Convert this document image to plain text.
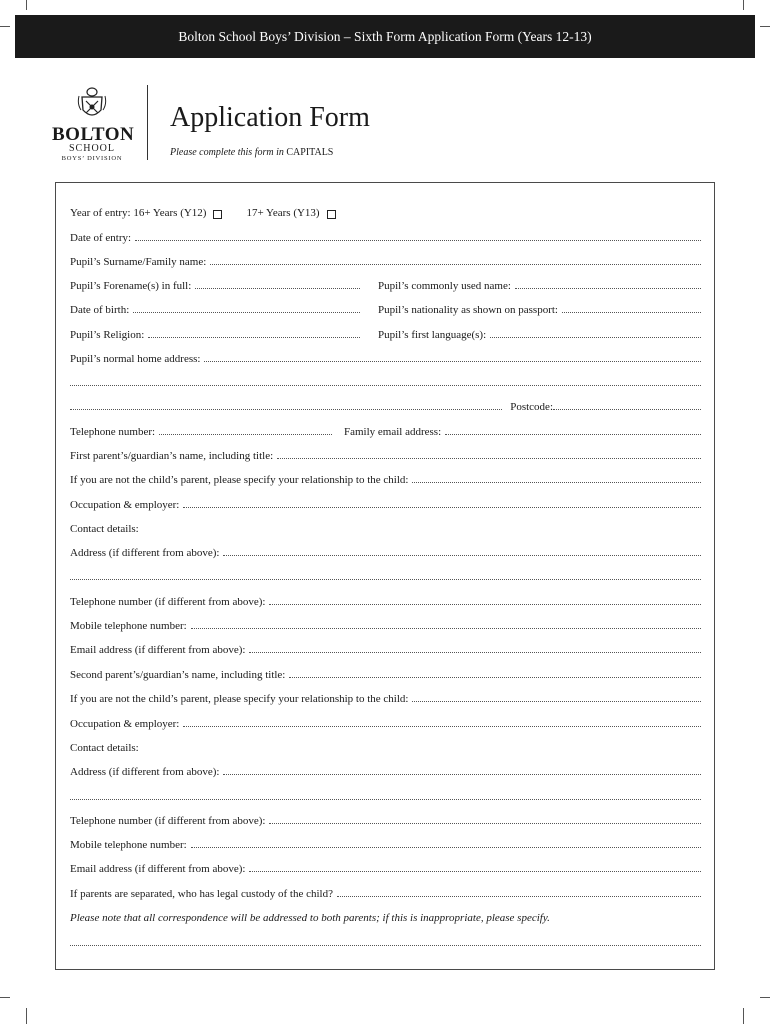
Bolton School Boys’ Division – Sixth Form Application Form (Years 12-13)
BOLTON
SCHOOL
BOYS’ DIVISION
Application Form
Please complete this form in CAPITALS
Year of entry: 16+ Years (Y12)	17+ Years (Y13)
Date of entry:
Pupil’s Surname/Family name:
Pupil’s Forename(s) in full:	Pupil’s commonly used name:
Date of birth:	Pupil’s nationality as shown on passport:
Pupil’s Religion:	Pupil’s first language(s):
Pupil’s normal home address:
Postcode:
Telephone number:	Family email address:
First parent’s/guardian’s name, including title:
If you are not the child’s parent, please specify your relationship to the child:
Occupation & employer:
Contact details:
Address (if different from above):
Telephone number (if different from above):
Mobile telephone number:
Email address (if different from above):
Second parent’s/guardian’s name, including title:
If you are not the child’s parent, please specify your relationship to the child:
Occupation & employer:
Contact details:
Address (if different from above):
Telephone number (if different from above):
Mobile telephone number:
Email address (if different from above):
If parents are separated, who has legal custody of the child?
Please note that all correspondence will be addressed to both parents; if this is inappropriate, please specify.
